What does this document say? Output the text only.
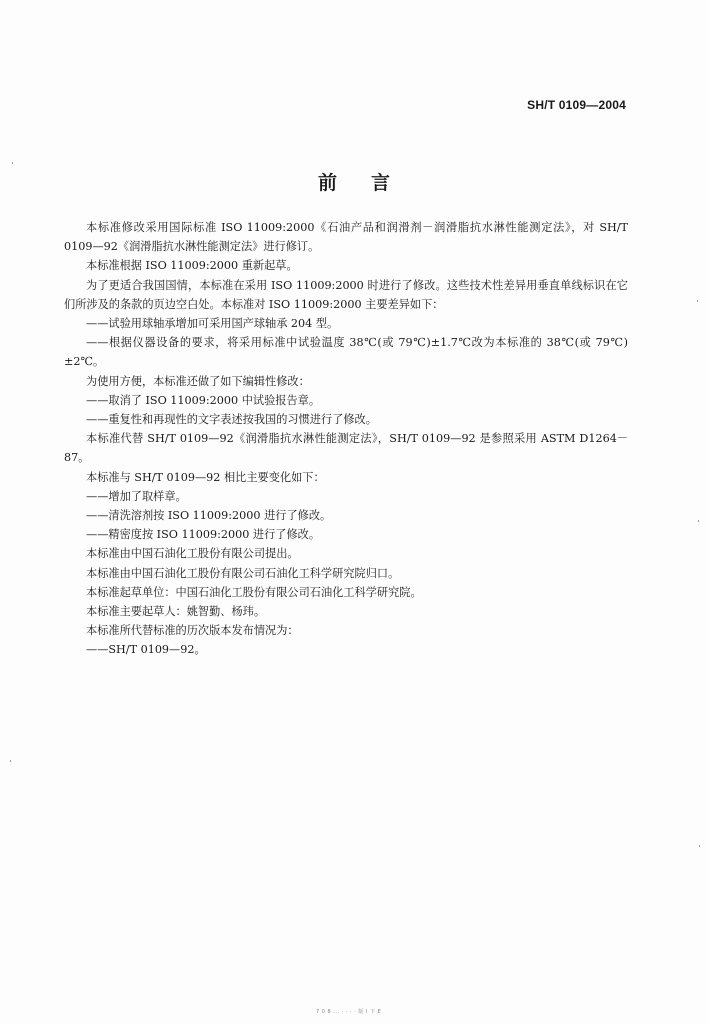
SH/T 0109—2004
前言

本标准修改采用国际标准 ISO 11009:2000《石油产品和润滑剂－润滑脂抗水淋性能测定法》，对 SH/T 0109—92《润滑脂抗水淋性能测定法》进行修订。

本标准根据 ISO 11009:2000 重新起草。

为了更适合我国国情，本标准在采用 ISO 11009:2000 时进行了修改。这些技术性差异用垂直单线标识在它们所涉及的条款的页边空白处。本标准对 ISO 11009:2000 主要差异如下：

——试验用球轴承增加可采用国产球轴承 204 型。

——根据仪器设备的要求，将采用标准中试验温度 38℃(或 79℃)±1.7℃改为本标准的 38℃(或 79℃)±2℃。

为使用方便，本标准还做了如下编辑性修改：

——取消了 ISO 11009:2000 中试验报告章。

——重复性和再现性的文字表述按我国的习惯进行了修改。

本标准代替 SH/T 0109—92《润滑脂抗水淋性能测定法》，SH/T 0109—92 是参照采用 ASTM D1264－87。

本标准与 SH/T 0109—92 相比主要变化如下：

——增加了取样章。

——清洗溶剂按 ISO 11009:2000 进行了修改。

——精密度按 ISO 11009:2000 进行了修改。

本标准由中国石油化工股份有限公司提出。

本标准由中国石油化工股份有限公司石油化工科学研究院归口。

本标准起草单位：中国石油化工股份有限公司石油化工科学研究院。

本标准主要起草人：姚智勤、杨玮。

本标准所代替标准的历次版本发布情况为：

——SH/T 0109—92。

7 0 8 ... · · · · 版 I 下 E
